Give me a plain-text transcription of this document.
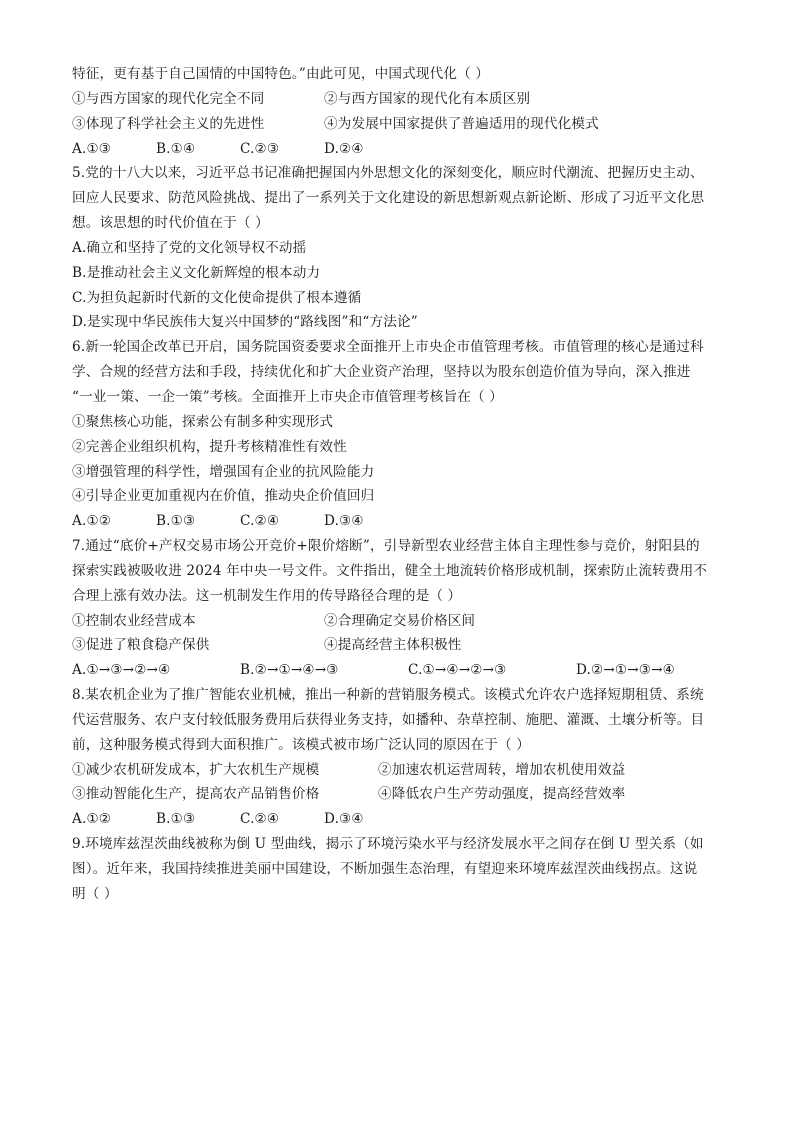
特征，更有基于自己国情的中国特色。”由此可见，中国式现代化（ ）
①与西方国家的现代化完全不同	②与西方国家的现代化有本质区别
③体现了科学社会主义的先进性	④为发展中国家提供了普遍适用的现代化模式
A.①③	B.①④	C.②③	D.②④
5.党的十八大以来，习近平总书记准确把握国内外思想文化的深刻变化，顺应时代潮流、把握历史主动、
回应人民要求、防范风险挑战、提出了一系列关于文化建设的新思想新观点新论断、形成了习近平文化思
想。该思想的时代价值在于（ ）
A.确立和坚持了党的文化领导权不动摇
B.是推动社会主义文化新辉煌的根本动力
C.为担负起新时代新的文化使命提供了根本遵循
D.是实现中华民族伟大复兴中国梦的“路线图”和“方法论”
6.新一轮国企改革已开启，国务院国资委要求全面推开上市央企市值管理考核。市值管理的核心是通过科
学、合规的经营方法和手段，持续优化和扩大企业资产治理，坚持以为股东创造价值为导向，深入推进
“一业一策、一企一策”考核。全面推开上市央企市值管理考核旨在（ ）
①聚焦核心功能，探索公有制多种实现形式
②完善企业组织机构，提升考核精准性有效性
③增强管理的科学性，增强国有企业的抗风险能力
④引导企业更加重视内在价值，推动央企价值回归
A.①②	B.①③	C.②④	D.③④
7.通过“底价+产权交易市场公开竞价+限价熔断”，引导新型农业经营主体自主理性参与竞价，射阳县的
探索实践被吸收进 2024 年中央一号文件。文件指出，健全土地流转价格形成机制，探索防止流转费用不
合理上涨有效办法。这一机制发生作用的传导路径合理的是（ ）
①控制农业经营成本	②合理确定交易价格区间
③促进了粮食稳产保供	④提高经营主体积极性
A.①→③→②→④	B.②→①→④→③	C.①→④→②→③	D.②→①→③→④
8.某农机企业为了推广智能农业机械，推出一种新的营销服务模式。该模式允许农户选择短期租赁、系统
代运营服务、农户支付较低服务费用后获得业务支持，如播种、杂草控制、施肥、灌溉、土壤分析等。目
前，这种服务模式得到大面积推广。该模式被市场广泛认同的原因在于（ ）
①减少农机研发成本，扩大农机生产规模	②加速农机运营周转，增加农机使用效益
③推动智能化生产，提高农产品销售价格	④降低农户生产劳动强度，提高经营效率
A.①②	B.①③	C.②④	D.③④
9.环境库兹涅茨曲线被称为倒 U 型曲线，揭示了环境污染水平与经济发展水平之间存在倒 U 型关系（如
图）。近年来，我国持续推进美丽中国建设，不断加强生态治理，有望迎来环境库兹涅茨曲线拐点。这说
明（ ）
